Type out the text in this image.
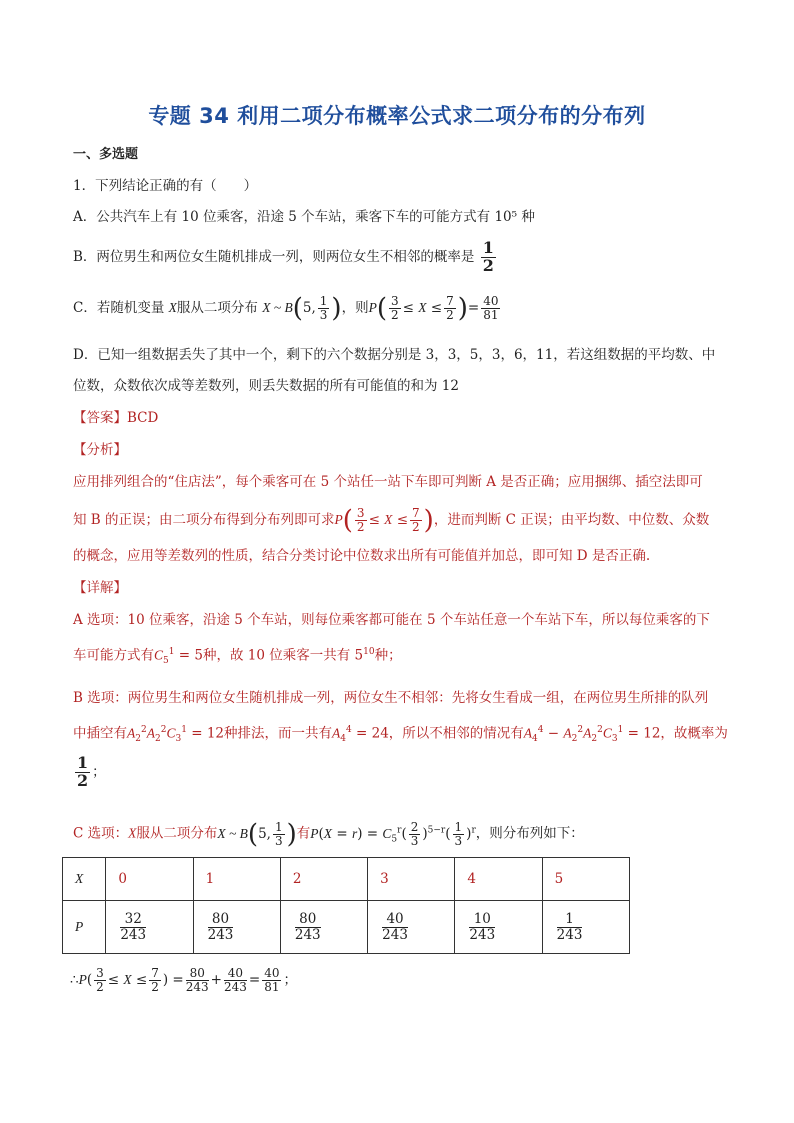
专题 34 利用二项分布概率公式求二项分布的分布列
一、多选题
1．下列结论正确的有（　　）
A．公共汽车上有 10 位乘客，沿途 5 个车站，乘客下车的可能方式有 10⁵ 种
B．两位男生和两位女生随机排成一列，则两位女生不相邻的概率是 $\frac{1}{2}$
C．若随机变量 X服从二项分布 X ~ B(5, $\frac{1}{3}$ )，则$P( \frac{3}{2} \le X \le \frac{7}{2}$ )= $\frac{40}{81}$
D．已知一组数据丢失了其中一个，剩下的六个数据分别是 3，3，5，3，6，11，若这组数据的平均数、中
位数，众数依次成等差数列，则丢失数据的所有可能值的和为 12
【答案】BCD
【分析】
应用排列组合的“住店法”，每个乘客可在 5 个站任一站下车即可判断 A 是否正确；应用捆绑、插空法即可
知 B 的正误；由二项分布得到分布列即可求$P( \frac{3}{2} \le X \le \frac{7}{2}$ )，进而判断 C 正误；由平均数、中位数、众数
的概念，应用等差数列的性质，结合分类讨论中位数求出所有可能值并加总，即可知 D 是否正确.
【详解】
A 选项：10 位乘客，沿途 5 个车站，则每位乘客都可能在 5 个车站任意一个车站下车，所以每位乘客的下
车可能方式有$C_5^1 = 5$种，故 10 位乘客一共有 $5^{10}$种；
B 选项：两位男生和两位女生随机排成一列，两位女生不相邻：先将女生看成一组，在两位男生所排的队列
中插空有$A_2^2A_2^2C_3^1 = 12$种排法，而一共有$A_4^4 = 24$，所以不相邻的情况有$A_4^4 - A_2^2A_2^2C_3^1 = 12$，故概率为
$\frac{1}{2}$ ；
C 选项：X服从二项分布X ~ B(5, $\frac{1}{3}$ )有$P(X = r) = C_5^r( \frac{2}{3} )^{5-r}( \frac{1}{3} )^r$，则分布列如下：
X	0	1	2	3	4	5
P	$\frac{32}{243}$	$\frac{80}{243}$	$\frac{80}{243}$	$\frac{40}{243}$	$\frac{10}{243}$	$\frac{1}{243}$
∴P( $\frac{3}{2} \le X \le \frac{7}{2}$ ) = $\frac{80}{243} + \frac{40}{243} = \frac{40}{81}$ ；
